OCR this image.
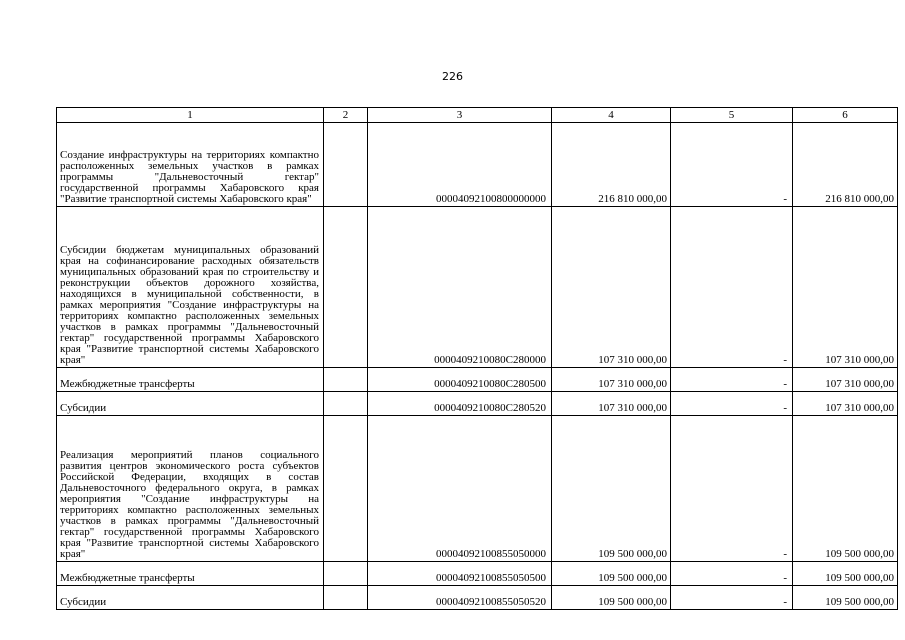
226
1	2	3	4	5	6
Создание инфраструктуры на территориях компактно расположенных земельных участков в рамках программы "Дальневосточный гектар" государственной программы Хабаровского края "Развитие транспортной системы Хабаровского края"		00004092100800000000	216 810 000,00	-	216 810 000,00
Субсидии бюджетам муниципальных образований края на софинансирование расходных обязательств муниципальных образований края по строительству и реконструкции объектов дорожного хозяйства, находящихся в муниципальной собственности, в рамках мероприятия "Создание инфраструктуры на территориях компактно расположенных земельных участков в рамках программы "Дальневосточный гектар" государственной программы Хабаровского края "Развитие транспортной системы Хабаровского края"		0000409210080С280000	107 310 000,00	-	107 310 000,00
Межбюджетные трансферты		0000409210080С280500	107 310 000,00	-	107 310 000,00
Субсидии		0000409210080С280520	107 310 000,00	-	107 310 000,00
Реализация мероприятий планов социального развития центров экономического роста субъектов Российской Федерации, входящих в состав Дальневосточного федерального округа, в рамках мероприятия "Создание инфраструктуры на территориях компактно расположенных земельных участков в рамках программы "Дальневосточный гектар" государственной программы Хабаровского края "Развитие транспортной системы Хабаровского края"		00004092100855050000	109 500 000,00	-	109 500 000,00
Межбюджетные трансферты		00004092100855050500	109 500 000,00	-	109 500 000,00
Субсидии		00004092100855050520	109 500 000,00	-	109 500 000,00
